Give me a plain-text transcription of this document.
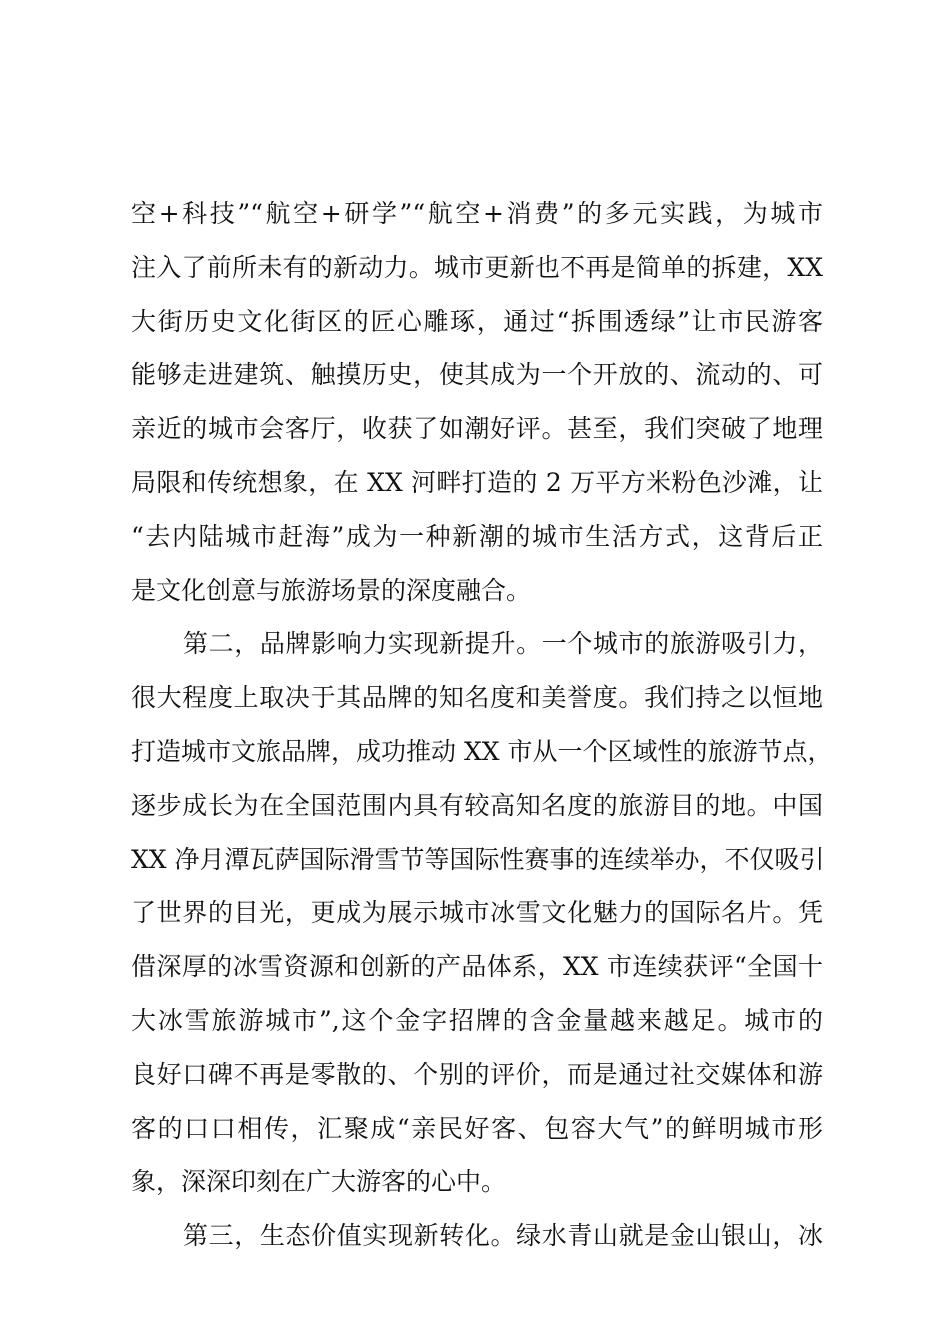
空+科技”“航空+研学”“航空+消费”的多元实践，为城市
注入了前所未有的新动力。城市更新也不再是简单的拆建，XX
大街历史文化街区的匠心雕琢，通过“拆围透绿”让市民游客
能够走进建筑、触摸历史，使其成为一个开放的、流动的、可
亲近的城市会客厅，收获了如潮好评。甚至，我们突破了地理
局限和传统想象，在 XX 河畔打造的 2 万平方米粉色沙滩，让
“去内陆城市赶海”成为一种新潮的城市生活方式，这背后正
是文化创意与旅游场景的深度融合。
第二，品牌影响力实现新提升。一个城市的旅游吸引力，
很大程度上取决于其品牌的知名度和美誉度。我们持之以恒地
打造城市文旅品牌，成功推动 XX 市从一个区域性的旅游节点，
逐步成长为在全国范围内具有较高知名度的旅游目的地。中国
XX 净月潭瓦萨国际滑雪节等国际性赛事的连续举办，不仅吸引
了世界的目光，更成为展示城市冰雪文化魅力的国际名片。凭
借深厚的冰雪资源和创新的产品体系，XX 市连续获评“全国十
大冰雪旅游城市”,这个金字招牌的含金量越来越足。城市的
良好口碑不再是零散的、个别的评价，而是通过社交媒体和游
客的口口相传，汇聚成“亲民好客、包容大气”的鲜明城市形
象，深深印刻在广大游客的心中。
第三，生态价值实现新转化。绿水青山就是金山银山，冰
